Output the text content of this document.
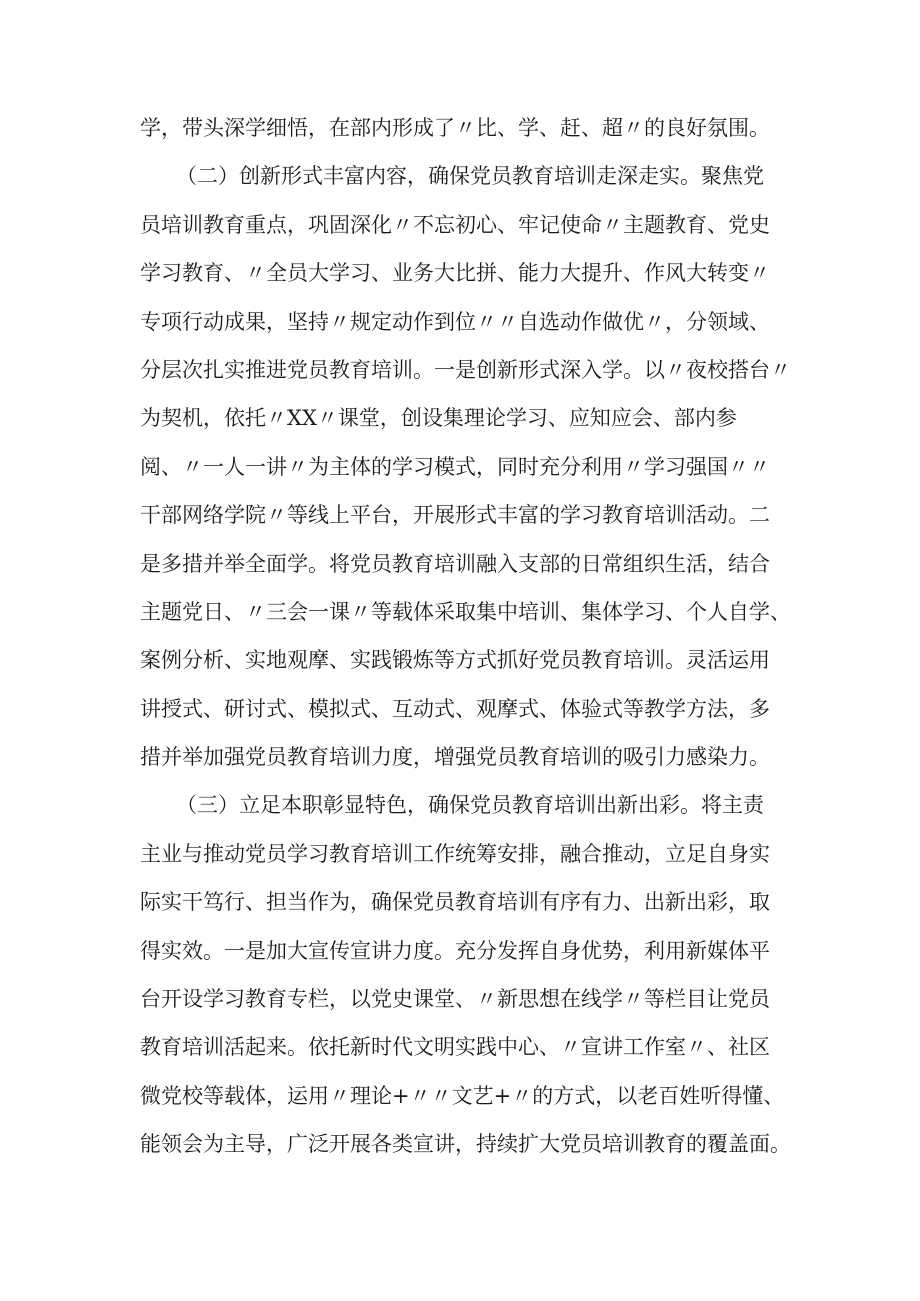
学，带头深学细悟，在部内形成了〃比、学、赶、超〃的良好氛围。
（二）创新形式丰富内容，确保党员教育培训走深走实。聚焦党
员培训教育重点，巩固深化〃不忘初心、牢记使命〃主题教育、党史
学习教育、〃全员大学习、业务大比拼、能力大提升、作风大转变〃
专项行动成果，坚持〃规定动作到位〃〃自选动作做优〃，分领域、
分层次扎实推进党员教育培训。一是创新形式深入学。以〃夜校搭台〃
为契机，依托〃XX〃课堂，创设集理论学习、应知应会、部内参
阅、〃一人一讲〃为主体的学习模式，同时充分利用〃学习强国〃〃
干部网络学院〃等线上平台，开展形式丰富的学习教育培训活动。二
是多措并举全面学。将党员教育培训融入支部的日常组织生活，结合
主题党日、〃三会一课〃等载体采取集中培训、集体学习、个人自学、
案例分析、实地观摩、实践锻炼等方式抓好党员教育培训。灵活运用
讲授式、研讨式、模拟式、互动式、观摩式、体验式等教学方法，多
措并举加强党员教育培训力度，增强党员教育培训的吸引力感染力。
（三）立足本职彰显特色，确保党员教育培训出新出彩。将主责
主业与推动党员学习教育培训工作统筹安排，融合推动，立足自身实
际实干笃行、担当作为，确保党员教育培训有序有力、出新出彩，取
得实效。一是加大宣传宣讲力度。充分发挥自身优势，利用新媒体平
台开设学习教育专栏，以党史课堂、〃新思想在线学〃等栏目让党员
教育培训活起来。依托新时代文明实践中心、〃宣讲工作室〃、社区
微党校等载体，运用〃理论+〃〃文艺+〃的方式，以老百姓听得懂、
能领会为主导，广泛开展各类宣讲，持续扩大党员培训教育的覆盖面。
